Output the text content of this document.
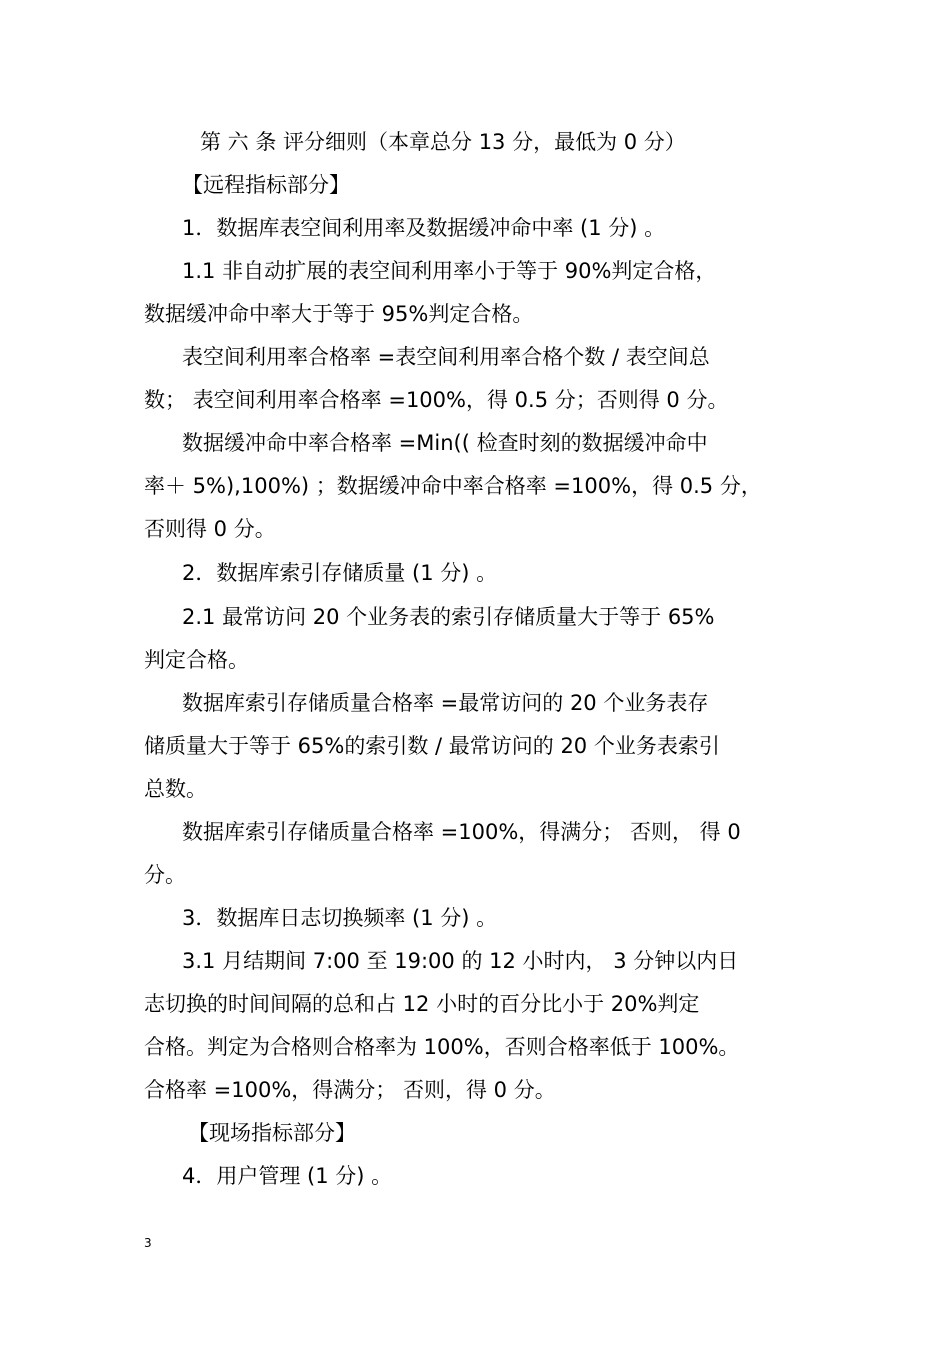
第 六 条 评分细则（本章总分 13 分，最低为 0 分）

【远程指标部分】

1．数据库表空间利用率及数据缓冲命中率 (1 分) 。

1.1 非自动扩展的表空间利用率小于等于 90%判定合格，

数据缓冲命中率大于等于 95%判定合格。

表空间利用率合格率 =表空间利用率合格个数 / 表空间总

数； 表空间利用率合格率 =100%，得 0.5 分；否则得 0 分。

数据缓冲命中率合格率 =Min(( 检查时刻的数据缓冲命中

率＋ 5%),100%) ；数据缓冲命中率合格率 =100%，得 0.5 分，

否则得 0 分。

2．数据库索引存储质量 (1 分) 。

2.1 最常访问 20 个业务表的索引存储质量大于等于 65%

判定合格。

数据库索引存储质量合格率 =最常访问的 20 个业务表存

储质量大于等于 65%的索引数 / 最常访问的 20 个业务表索引

总数。

数据库索引存储质量合格率 =100%，得满分； 否则， 得 0

分。

3．数据库日志切换频率 (1 分) 。

3.1 月结期间 7:00 至 19:00 的 12 小时内， 3 分钟以内日

志切换的时间间隔的总和占 12 小时的百分比小于 20%判定

合格。判定为合格则合格率为 100%，否则合格率低于 100%。

合格率 =100%，得满分； 否则，得 0 分。

【现场指标部分】

4．用户管理 (1 分) 。

3
